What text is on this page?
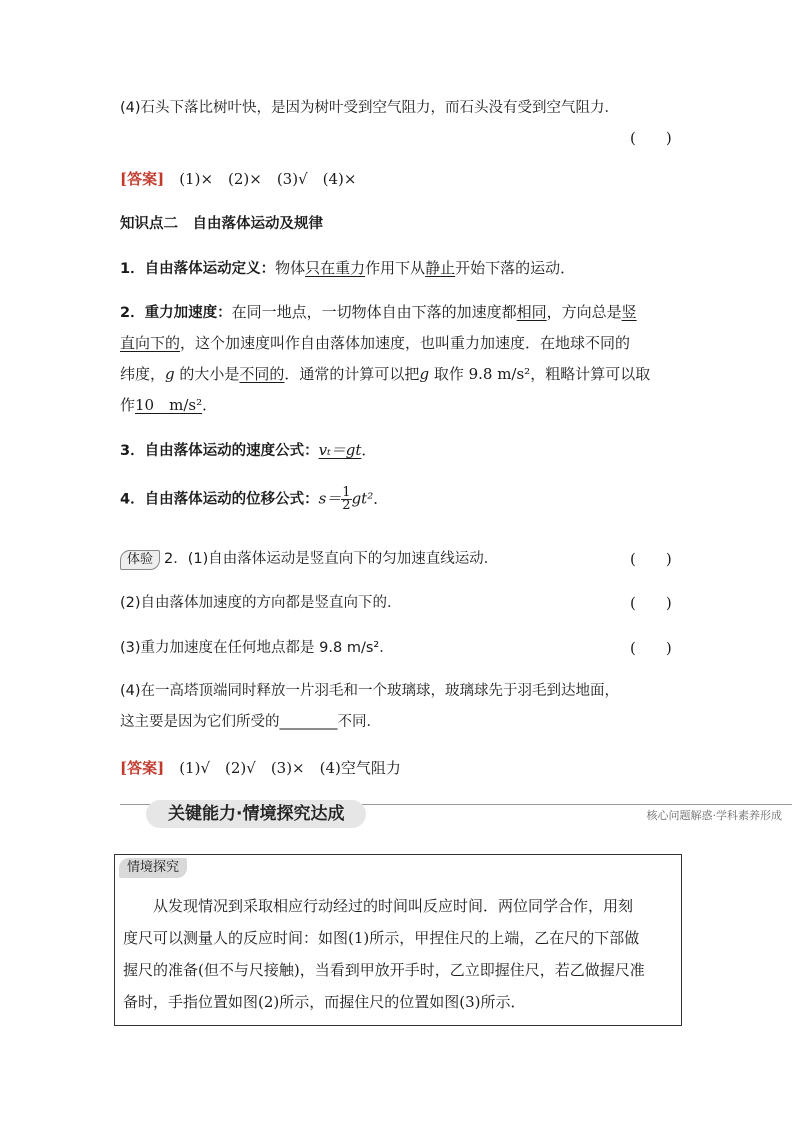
(4)石头下落比树叶快，是因为树叶受到空气阻力，而石头没有受到空气阻力．
(　　)
[答案]　(1)×　(2)×　(3)√　(4)×
知识点二　自由落体运动及规律
1．自由落体运动定义：物体只在重力作用下从静止开始下落的运动．
2．重力加速度：在同一地点，一切物体自由下落的加速度都相同，方向总是竖
直向下的，这个加速度叫作自由落体加速度，也叫重力加速度．在地球不同的
纬度，g 的大小是不同的．通常的计算可以把g 取作 9.8 m/s²，粗略计算可以取
作10　m/s²．
3．自由落体运动的速度公式：vₜ＝gt．
4．自由落体运动的位移公式：$s= \frac{1}{2} gt^2$．
体验 2．(1)自由落体运动是竖直向下的匀加速直线运动．	(　　)
(2)自由落体加速度的方向都是竖直向下的．	(　　)
(3)重力加速度在任何地点都是 9.8 m/s²．	(　　)
(4)在一高塔顶端同时释放一片羽毛和一个玻璃球，玻璃球先于羽毛到达地面，
这主要是因为它们所受的________不同．
[答案]　(1)√　(2)√　(3)×　(4)空气阻力
关键能力·情境探究达成	核心问题解惑·学科素养形成
情境探究
　　从发现情况到采取相应行动经过的时间叫反应时间．两位同学合作，用刻
度尺可以测量人的反应时间：如图(1)所示，甲捏住尺的上端，乙在尺的下部做
握尺的准备(但不与尺接触)，当看到甲放开手时，乙立即握住尺，若乙做握尺准
备时，手指位置如图(2)所示，而握住尺的位置如图(3)所示．
